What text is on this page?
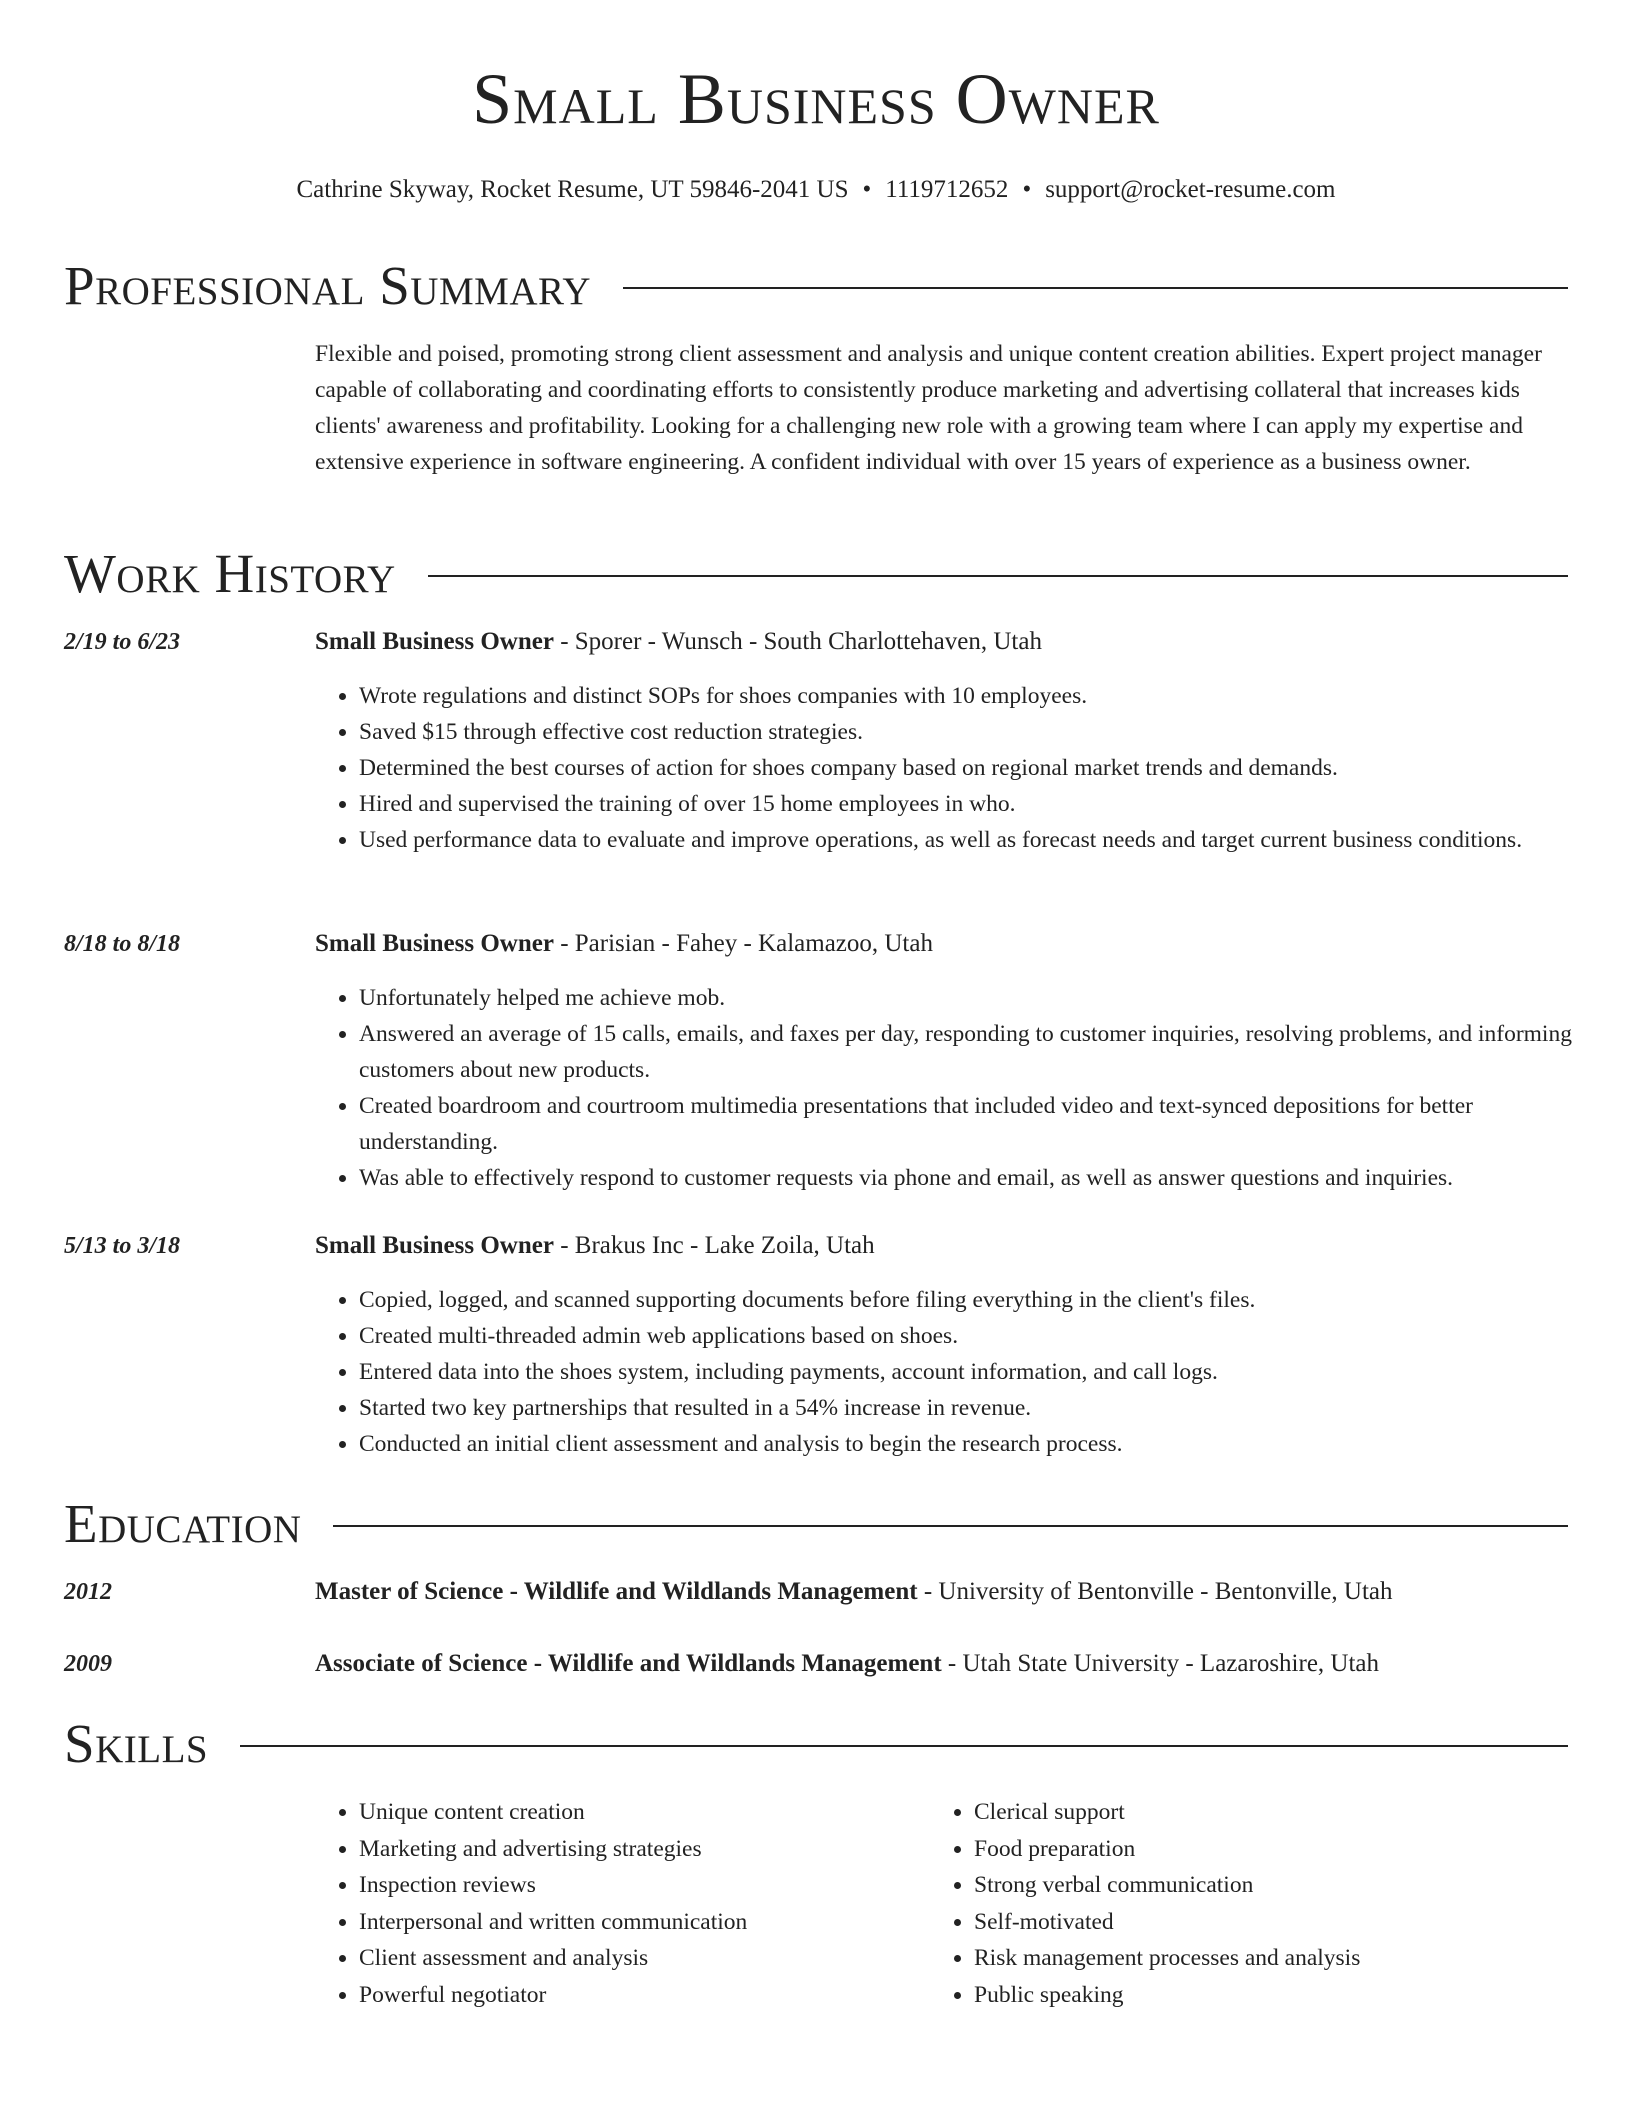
Small Business Owner
Cathrine Skyway, Rocket Resume, UT 59846-2041 US • 1119712652 • support@rocket-resume.com
Professional Summary
Flexible and poised, promoting strong client assessment and analysis and unique content creation abilities. Expert project manager capable of collaborating and coordinating efforts to consistently produce marketing and advertising collateral that increases kids clients' awareness and profitability. Looking for a challenging new role with a growing team where I can apply my expertise and extensive experience in software engineering. A confident individual with over 15 years of experience as a business owner.
Work History
2/19 to 6/23	Small Business Owner - Sporer - Wunsch - South Charlottehaven, Utah
• Wrote regulations and distinct SOPs for shoes companies with 10 employees.
• Saved $15 through effective cost reduction strategies.
• Determined the best courses of action for shoes company based on regional market trends and demands.
• Hired and supervised the training of over 15 home employees in who.
• Used performance data to evaluate and improve operations, as well as forecast needs and target current business conditions.
8/18 to 8/18	Small Business Owner - Parisian - Fahey - Kalamazoo, Utah
• Unfortunately helped me achieve mob.
• Answered an average of 15 calls, emails, and faxes per day, responding to customer inquiries, resolving problems, and informing customers about new products.
• Created boardroom and courtroom multimedia presentations that included video and text-synced depositions for better understanding.
• Was able to effectively respond to customer requests via phone and email, as well as answer questions and inquiries.
5/13 to 3/18	Small Business Owner - Brakus Inc - Lake Zoila, Utah
• Copied, logged, and scanned supporting documents before filing everything in the client's files.
• Created multi-threaded admin web applications based on shoes.
• Entered data into the shoes system, including payments, account information, and call logs.
• Started two key partnerships that resulted in a 54% increase in revenue.
• Conducted an initial client assessment and analysis to begin the research process.
Education
2012	Master of Science - Wildlife and Wildlands Management - University of Bentonville - Bentonville, Utah
2009	Associate of Science - Wildlife and Wildlands Management - Utah State University - Lazaroshire, Utah
Skills
• Unique content creation
• Marketing and advertising strategies
• Inspection reviews
• Interpersonal and written communication
• Client assessment and analysis
• Powerful negotiator
• Clerical support
• Food preparation
• Strong verbal communication
• Self-motivated
• Risk management processes and analysis
• Public speaking
